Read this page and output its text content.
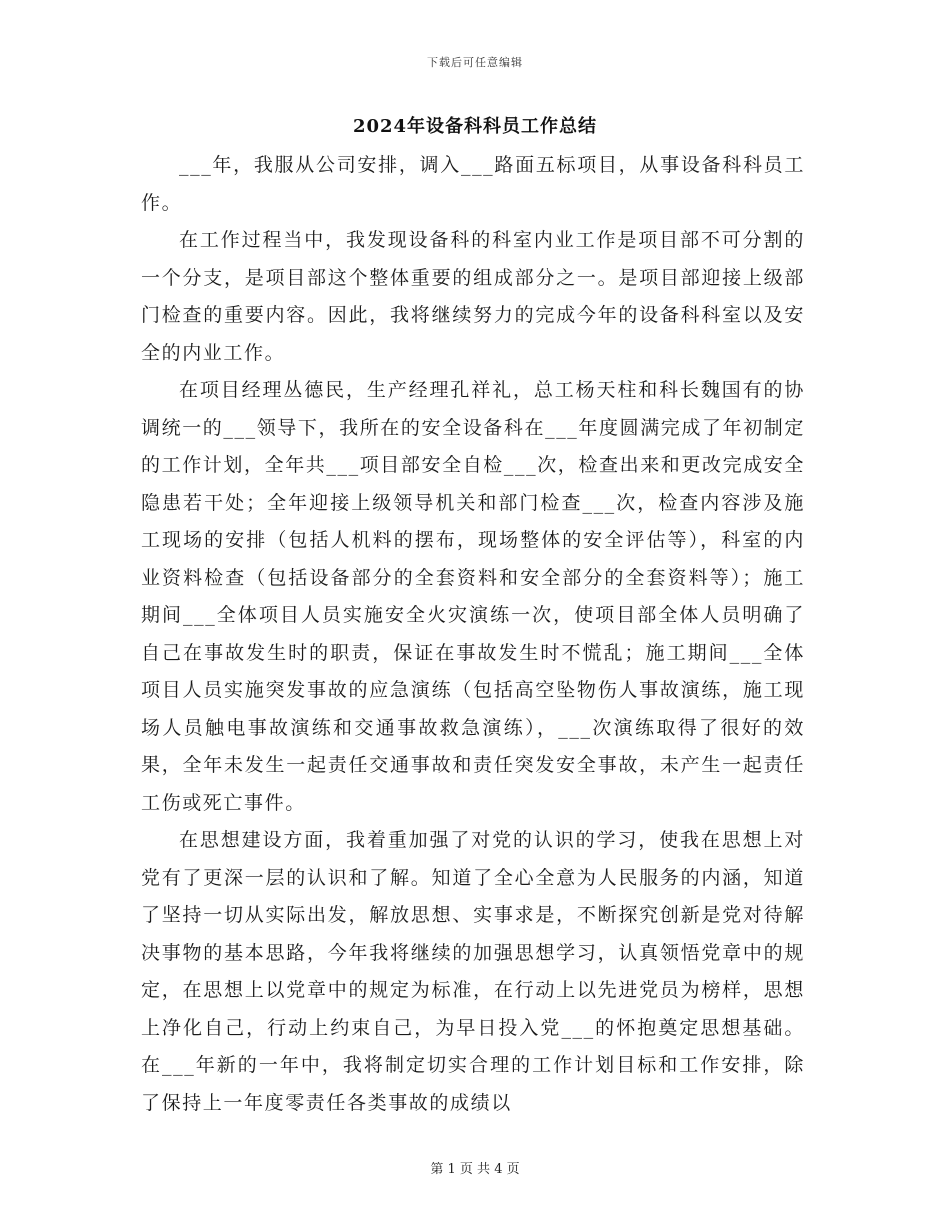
下载后可任意编辑
2024年设备科科员工作总结

___年，我服从公司安排，调入___路面五标项目，从事设备科科员工作。

在工作过程当中，我发现设备科的科室内业工作是项目部不可分割的一个分支，是项目部这个整体重要的组成部分之一。是项目部迎接上级部门检查的重要内容。因此，我将继续努力的完成今年的设备科科室以及安全的内业工作。

在项目经理丛德民，生产经理孔祥礼，总工杨天柱和科长魏国有的协调统一的___领导下，我所在的安全设备科在___年度圆满完成了年初制定的工作计划，全年共___项目部安全自检___次，检查出来和更改完成安全隐患若干处；全年迎接上级领导机关和部门检查___次，检查内容涉及施工现场的安排（包括人机料的摆布，现场整体的安全评估等），科室的内业资料检查（包括设备部分的全套资料和安全部分的全套资料等）；施工期间___全体项目人员实施安全火灾演练一次，使项目部全体人员明确了自己在事故发生时的职责，保证在事故发生时不慌乱；施工期间___全体项目人员实施突发事故的应急演练（包括高空坠物伤人事故演练，施工现场人员触电事故演练和交通事故救急演练），___次演练取得了很好的效果，全年未发生一起责任交通事故和责任突发安全事故，未产生一起责任工伤或死亡事件。

在思想建设方面，我着重加强了对党的认识的学习，使我在思想上对党有了更深一层的认识和了解。知道了全心全意为人民服务的内涵，知道了坚持一切从实际出发，解放思想、实事求是，不断探究创新是党对待解决事物的基本思路，今年我将继续的加强思想学习，认真领悟党章中的规定，在思想上以党章中的规定为标准，在行动上以先进党员为榜样，思想上净化自己，行动上约束自己，为早日投入党___的怀抱奠定思想基础。在___年新的一年中，我将制定切实合理的工作计划目标和工作安排，除了保持上一年度零责任各类事故的成绩以

第 1 页 共 4 页
